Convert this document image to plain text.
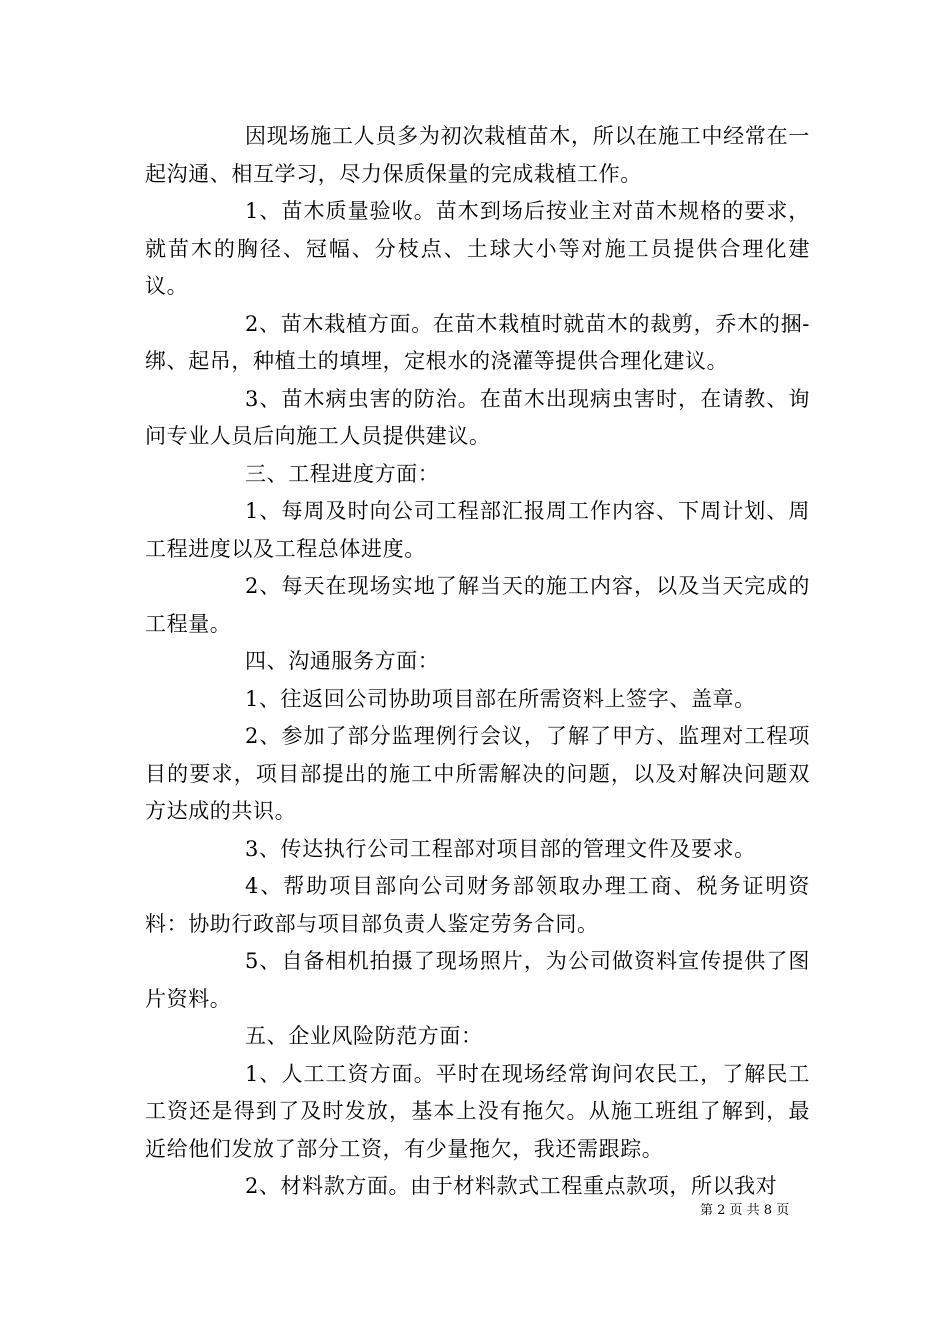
因现场施工人员多为初次栽植苗木，所以在施工中经常在一起沟通、相互学习，尽力保质保量的完成栽植工作。

1、苗木质量验收。苗木到场后按业主对苗木规格的要求，就苗木的胸径、冠幅、分枝点、土球大小等对施工员提供合理化建议。

2、苗木栽植方面。在苗木栽植时就苗木的裁剪，乔木的捆-绑、起吊，种植土的填埋，定根水的浇灌等提供合理化建议。

3、苗木病虫害的防治。在苗木出现病虫害时，在请教、询问专业人员后向施工人员提供建议。

三、工程进度方面：

1、每周及时向公司工程部汇报周工作内容、下周计划、周工程进度以及工程总体进度。

2、每天在现场实地了解当天的施工内容，以及当天完成的工程量。

四、沟通服务方面：

1、往返回公司协助项目部在所需资料上签字、盖章。

2、参加了部分监理例行会议，了解了甲方、监理对工程项目的要求，项目部提出的施工中所需解决的问题，以及对解决问题双方达成的共识。

3、传达执行公司工程部对项目部的管理文件及要求。

4、帮助项目部向公司财务部领取办理工商、税务证明资料：协助行政部与项目部负责人鉴定劳务合同。

5、自备相机拍摄了现场照片，为公司做资料宣传提供了图片资料。

五、企业风险防范方面：

1、人工工资方面。平时在现场经常询问农民工，了解民工工资还是得到了及时发放，基本上没有拖欠。从施工班组了解到，最近给他们发放了部分工资，有少量拖欠，我还需跟踪。

2、材料款方面。由于材料款式工程重点款项，所以我对

第 2 页 共 8 页
